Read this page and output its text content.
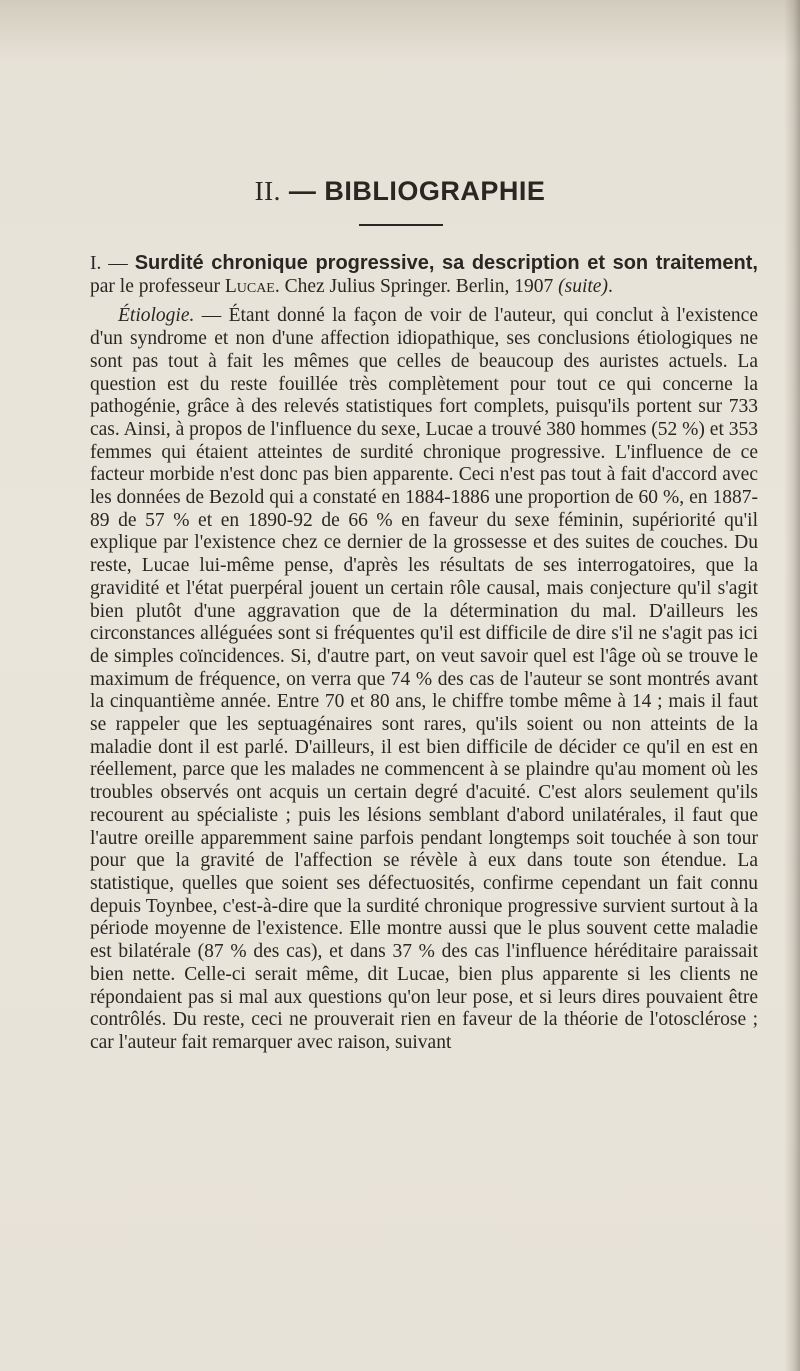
II. — BIBLIOGRAPHIE

I. — Surdité chronique progressive, sa description et son traitement, par le professeur Lucae. Chez Julius Springer. Berlin, 1907 (suite).

Étiologie. — Étant donné la façon de voir de l'auteur, qui conclut à l'existence d'un syndrome et non d'une affection idiopathique, ses conclusions étiologiques ne sont pas tout à fait les mêmes que celles de beaucoup des auristes actuels. La question est du reste fouillée très complètement pour tout ce qui concerne la pathogénie, grâce à des relevés statistiques fort complets, puisqu'ils portent sur 733 cas. Ainsi, à propos de l'influence du sexe, Lucae a trouvé 380 hommes (52 %) et 353 femmes qui étaient atteintes de surdité chronique progressive. L'influence de ce facteur morbide n'est donc pas bien apparente. Ceci n'est pas tout à fait d'accord avec les données de Bezold qui a constaté en 1884-1886 une proportion de 60 %, en 1887-89 de 57 % et en 1890-92 de 66 % en faveur du sexe féminin, supériorité qu'il explique par l'existence chez ce dernier de la grossesse et des suites de couches. Du reste, Lucae lui-même pense, d'après les résultats de ses interrogatoires, que la gravidité et l'état puerpéral jouent un certain rôle causal, mais conjecture qu'il s'agit bien plutôt d'une aggravation que de la détermination du mal. D'ailleurs les circonstances alléguées sont si fréquentes qu'il est difficile de dire s'il ne s'agit pas ici de simples coïncidences. Si, d'autre part, on veut savoir quel est l'âge où se trouve le maximum de fréquence, on verra que 74 % des cas de l'auteur se sont montrés avant la cinquantième année. Entre 70 et 80 ans, le chiffre tombe même à 14 ; mais il faut se rappeler que les septuagénaires sont rares, qu'ils soient ou non atteints de la maladie dont il est parlé. D'ailleurs, il est bien difficile de décider ce qu'il en est en réellement, parce que les malades ne commencent à se plaindre qu'au moment où les troubles observés ont acquis un certain degré d'acuité. C'est alors seulement qu'ils recourent au spécialiste ; puis les lésions semblant d'abord unilatérales, il faut que l'autre oreille apparemment saine parfois pendant longtemps soit touchée à son tour pour que la gravité de l'affection se révèle à eux dans toute son étendue. La statistique, quelles que soient ses défectuosités, confirme cependant un fait connu depuis Toynbee, c'est-à-dire que la surdité chronique progressive survient surtout à la période moyenne de l'existence. Elle montre aussi que le plus souvent cette maladie est bilatérale (87 % des cas), et dans 37 % des cas l'influence héréditaire paraissait bien nette. Celle-ci serait même, dit Lucae, bien plus apparente si les clients ne répondaient pas si mal aux questions qu'on leur pose, et si leurs dires pouvaient être contrôlés. Du reste, ceci ne prouverait rien en faveur de la théorie de l'otosclérose ; car l'auteur fait remarquer avec raison, suivant
